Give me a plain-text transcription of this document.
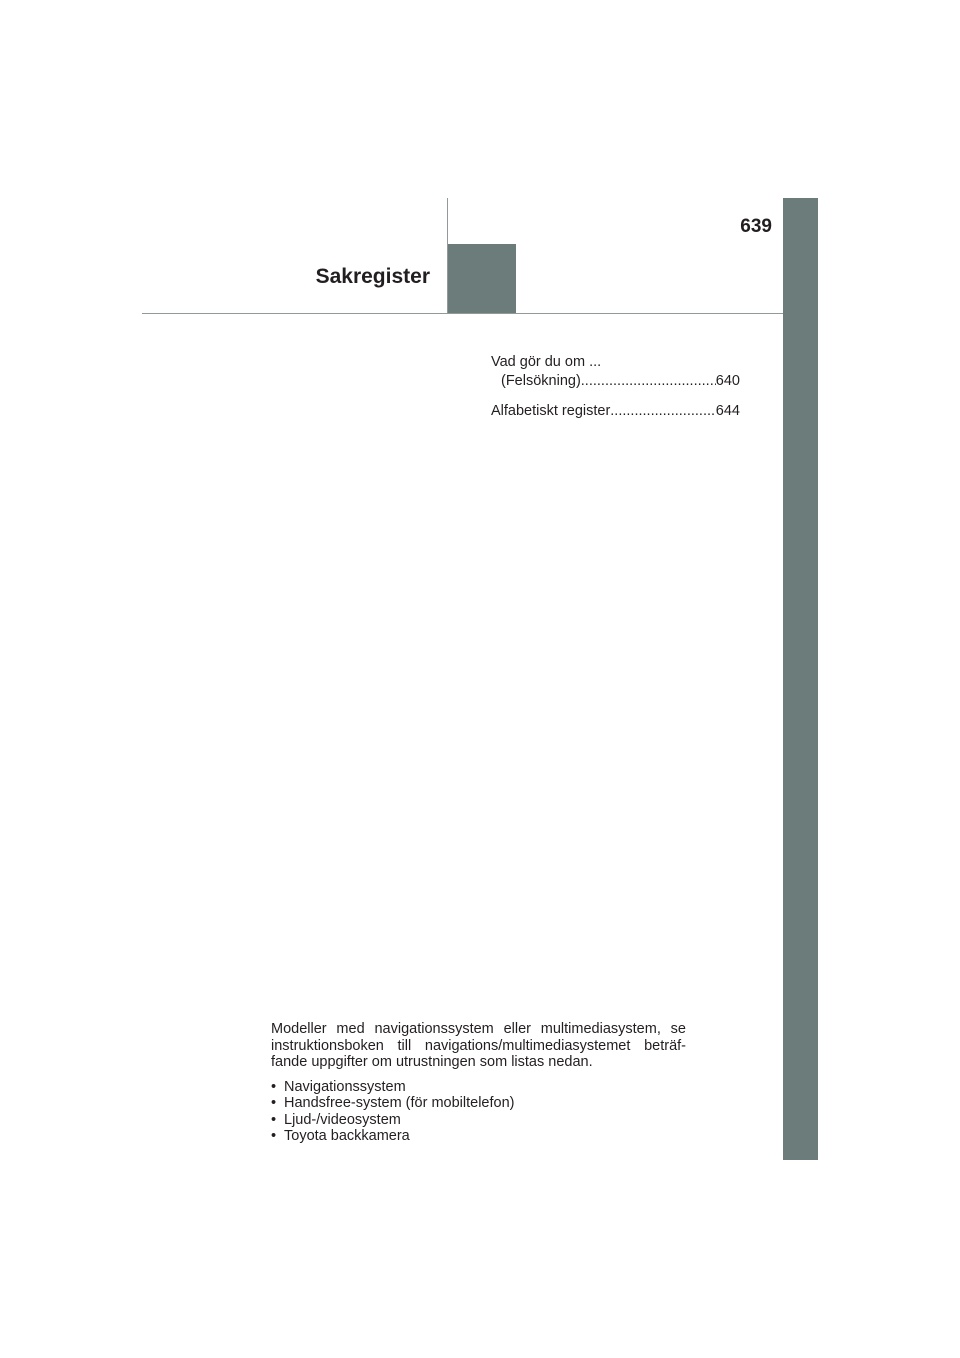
639
Sakregister
Vad gör du om ...
(Felsökning) .....	640
Alfabetiskt register .....	644

Modeller med navigationssystem eller multimediasystem, se instruktionsboken till navigations/multimediasystemet beträf- fande uppgifter om utrustningen som listas nedan.

• Navigationssystem
• Handsfree-system (för mobiltelefon)
• Ljud-/videosystem
• Toyota backkamera
